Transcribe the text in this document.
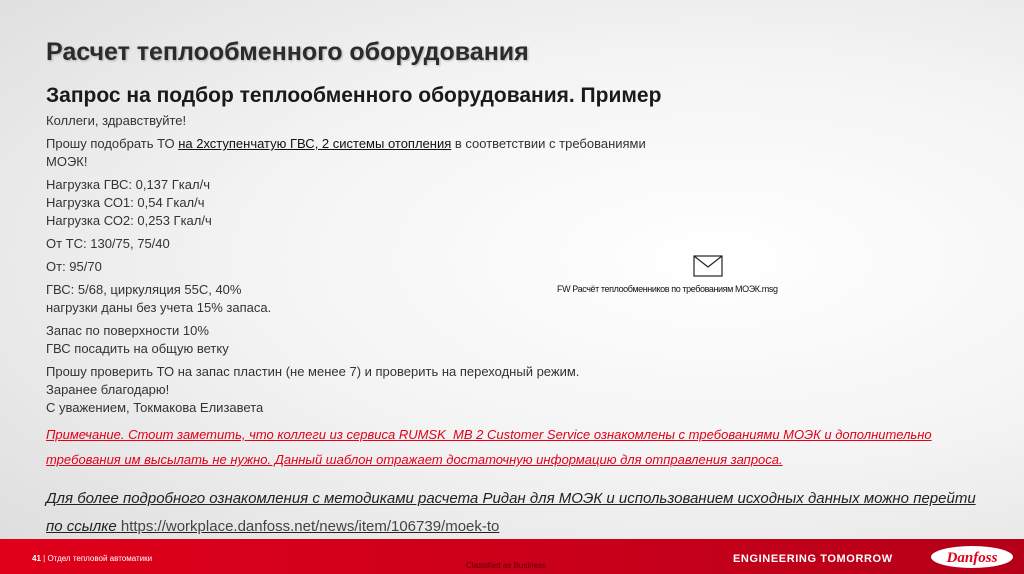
Расчет теплообменного оборудования
Запрос на подбор теплообменного оборудования. Пример

Коллеги, здравствуйте!

Прошу подобрать ТО на 2хступенчатую ГВС, 2 системы отопления в соответствии с требованиями МОЭК!

Нагрузка ГВС: 0,137 Гкал/ч
Нагрузка СО1: 0,54 Гкал/ч
Нагрузка СО2: 0,253 Гкал/ч

От ТС: 130/75, 75/40

От: 95/70

ГВС: 5/68, циркуляция 55С, 40%
нагрузки даны без учета 15% запаса.

Запас по поверхности 10%
ГВС посадить на общую ветку

Прошу проверить ТО на запас пластин (не менее 7) и проверить на переходный режим.
Заранее благодарю!
С уважением, Токмакова Елизавета

FW Расчёт теплообменников по требованиям МОЭК.msg
Примечание. Стоит заметить, что коллеги из сервиса RUMSK_MB 2 Customer Service ознакомлены с требованиями МОЭК и дополнительно требования им высылать не нужно. Данный шаблон отражает достаточную информацию для отправления запроса.
Для более подробного ознакомления с методиками расчета Ридан для МОЭК и использованием исходных данных можно перейти по ссылке https://workplace.danfoss.net/news/item/106739/moek-to
41 | Отдел тепловой автоматики
Classified as Business
ENGINEERING TOMORROW	Danfoss
